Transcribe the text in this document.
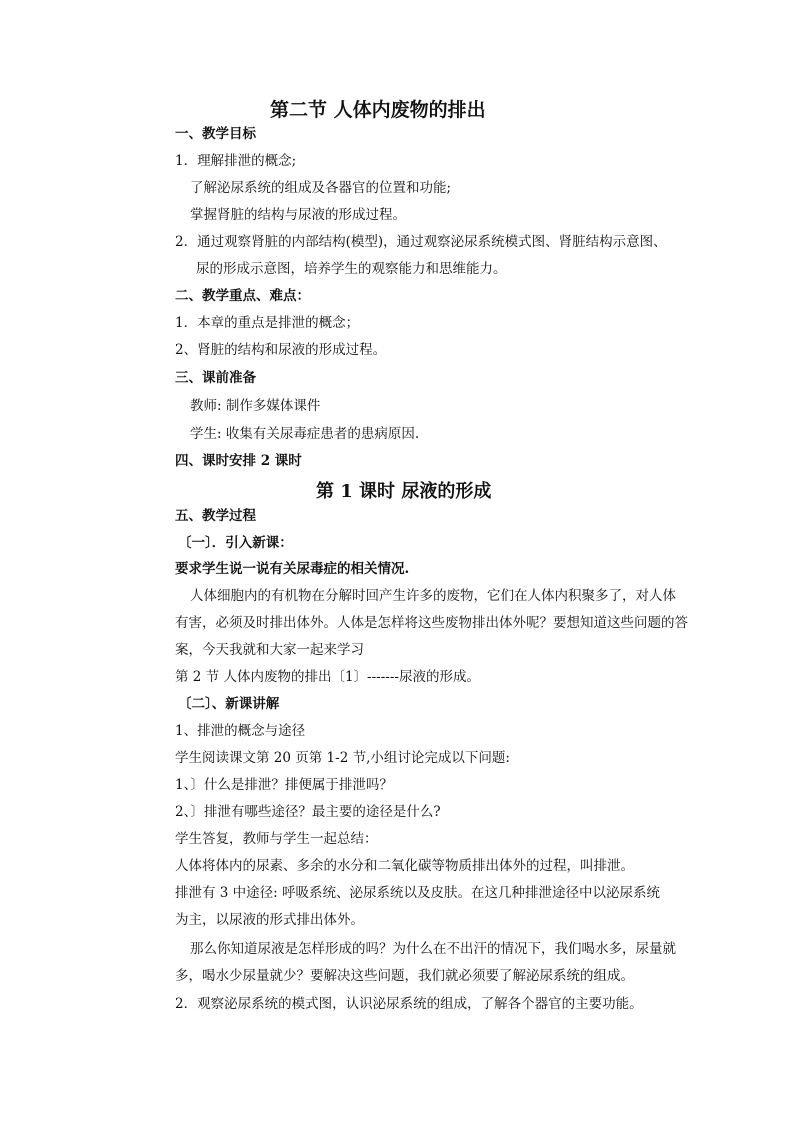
第二节 人体内废物的排出
一、教学目标
1．理解排泄的概念;
了解泌尿系统的组成及各器官的位置和功能;
掌握肾脏的结构与尿液的形成过程。
2．通过观察肾脏的内部结构(模型)，通过观察泌尿系统模式图、肾脏结构示意图、
尿的形成示意图，培养学生的观察能力和思维能力。
二、教学重点、难点：
1．本章的重点是排泄的概念；
2、肾脏的结构和尿液的形成过程。
三、课前准备
教师: 制作多媒体课件
学生: 收集有关尿毒症患者的患病原因.
四、课时安排 2 课时
第 1 课时 尿液的形成
五、教学过程
〔一〕．引入新课：
要求学生说一说有关尿毒症的相关情况.
人体细胞内的有机物在分解时回产生许多的废物，它们在人体内积聚多了，对人体
有害，必须及时排出体外。人体是怎样将这些废物排出体外呢？要想知道这些问题的答
案，今天我就和大家一起来学习
第 2 节 人体内废物的排出〔1〕-------尿液的形成。
〔二〕、新课讲解
1、排泄的概念与途径
学生阅读课文第 20 页第 1-2 节,小组讨论完成以下问题:
1、〕什么是排泄？排便属于排泄吗？
2、〕排泄有哪些途径？最主要的途径是什么?
学生答复，教师与学生一起总结：
人体将体内的尿素、多余的水分和二氧化碳等物质排出体外的过程，叫排泄。
排泄有 3 中途径: 呼吸系统、泌尿系统以及皮肤。在这几种排泄途径中以泌尿系统
为主，以尿液的形式排出体外。
那么你知道尿液是怎样形成的吗？为什么在不出汗的情况下，我们喝水多，尿量就
多，喝水少尿量就少？要解决这些问题，我们就必须要了解泌尿系统的组成。
2．观察泌尿系统的模式图，认识泌尿系统的组成，了解各个器官的主要功能。
